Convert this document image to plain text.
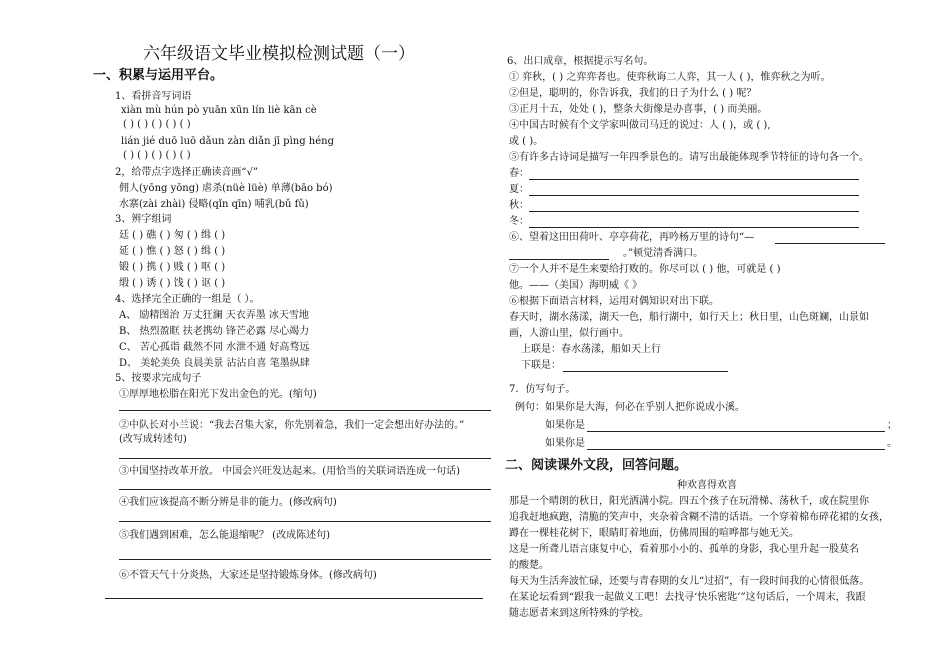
六年级语文毕业模拟检测试题（一）
一、积累与运用平台。
1、看拼音写词语
xiàn mù hún pò yuān xūn lín liè kān cè
( ) ( ) ( ) ( ) ( )
lián jié duō luō dǎun zàn diǎn jī pìng héng
( ) ( ) ( ) ( ) ( )
2，给带点字选择正确读音画“√”
佣人(yōng yōng) 虐杀(nüè lüè) 单薄(bāo bó)
水寨(zài zhài) 侵略(qǐn qīn) 哺乳(bǔ fǔ)
3、辨字组词
廷 ( ) 礁 ( ) 匆 ( ) 缉 ( )
延 ( ) 憔 ( ) 怒 ( ) 缉 ( )
锻 ( ) 携 ( ) 贱 ( ) 呕 ( )
缎 ( ) 诱 ( ) 饯 ( ) 讴 ( )
4、选择完全正确的一组是（ ）。
A、 励精图治 万丈狂澜 天衣弄墨 冰天雪地
B、 热烈盈眶 扶老携幼 锋芒必露 尽心竭力
C、 苦心孤诣 截然不同 水泄不通 好高骛远
D、 美轮美奂 良晨美景 沾沾自喜 笔墨纵肆
5、按要求完成句子
①厚厚地松脂在阳光下发出金色的光。(缩句)
②中队长对小兰说：“我去召集大家，你先别着急，我们一定会想出好办法的。”
(改写成转述句)
③中国坚持改革开放。 中国会兴旺发达起来。(用恰当的关联词语连成一句话)
④我们应该提高不断分辨是非的能力。(修改病句)
⑤我们遇到困难，怎么能退缩呢？ (改成陈述句)
⑥不管天气十分炎热，大家还是坚持锻炼身体。(修改病句)
6、出口成章，根据提示写名句。
① 弈秋，( ) 之弈弈者也。使弈秋诲二人弈，其一人 ( )，惟弈秋之为听。
②但是，聪明的，你告诉我，我们的日子为什么 ( ) 呢？
③正月十五，处处 ( )，整条大街像是办喜事，( ) 而美丽。
④中国古时候有个文学家叫做司马迁的说过：人 ( )，或 ( ),
或 ( )。
⑤有许多古诗词是描写一年四季景色的。请写出最能体现季节特征的诗句各一个。
春：
夏：
秋：
冬：
⑥、望着这田田荷叶、亭亭荷花，再吟杨万里的诗句“—
。”顿觉清香满口。
⑦一个人并不是生来要给打败的。你尽可以 ( ) 他，可就是 ( )
他。——（美国）海明威《 》
⑥根据下面语言材料，运用对偶知识对出下联。
春天时，湖水荡漾，湖天一色，船行湖中，如行天上；秋日里，山色斑斓，山景如
画，人游山里，似行画中。
上联是：春水荡漾，船如天上行
下联是：
7．仿写句子。
例句：如果你是大海，何必在乎别人把你说成小溪。
如果你是	；
如果你是	。
二、阅读课外文段，回答问题。
种欢喜得欢喜
那是一个晴朗的秋日，阳光洒满小院。四五个孩子在玩滑梯、荡秋千，或在院里你
追我赶地疯跑，清脆的笑声中，夹杂着含糊不清的话语。一个穿着棉布碎花裙的女孩，
蹲在一棵桂花树下，眼睛盯着地面，仿佛周围的喧哗都与她无关。
这是一所聋儿语言康复中心，看着那小小的、孤单的身影，我心里升起一股莫名
的酸楚。
每天为生活奔波忙碌，还要与青春期的女儿“过招”，有一段时间我的心情很低落。
在某论坛看到“跟我一起做义工吧！去找寻‘快乐密匙’”这句话后，一个周末，我跟
随志愿者来到这所特殊的学校。
